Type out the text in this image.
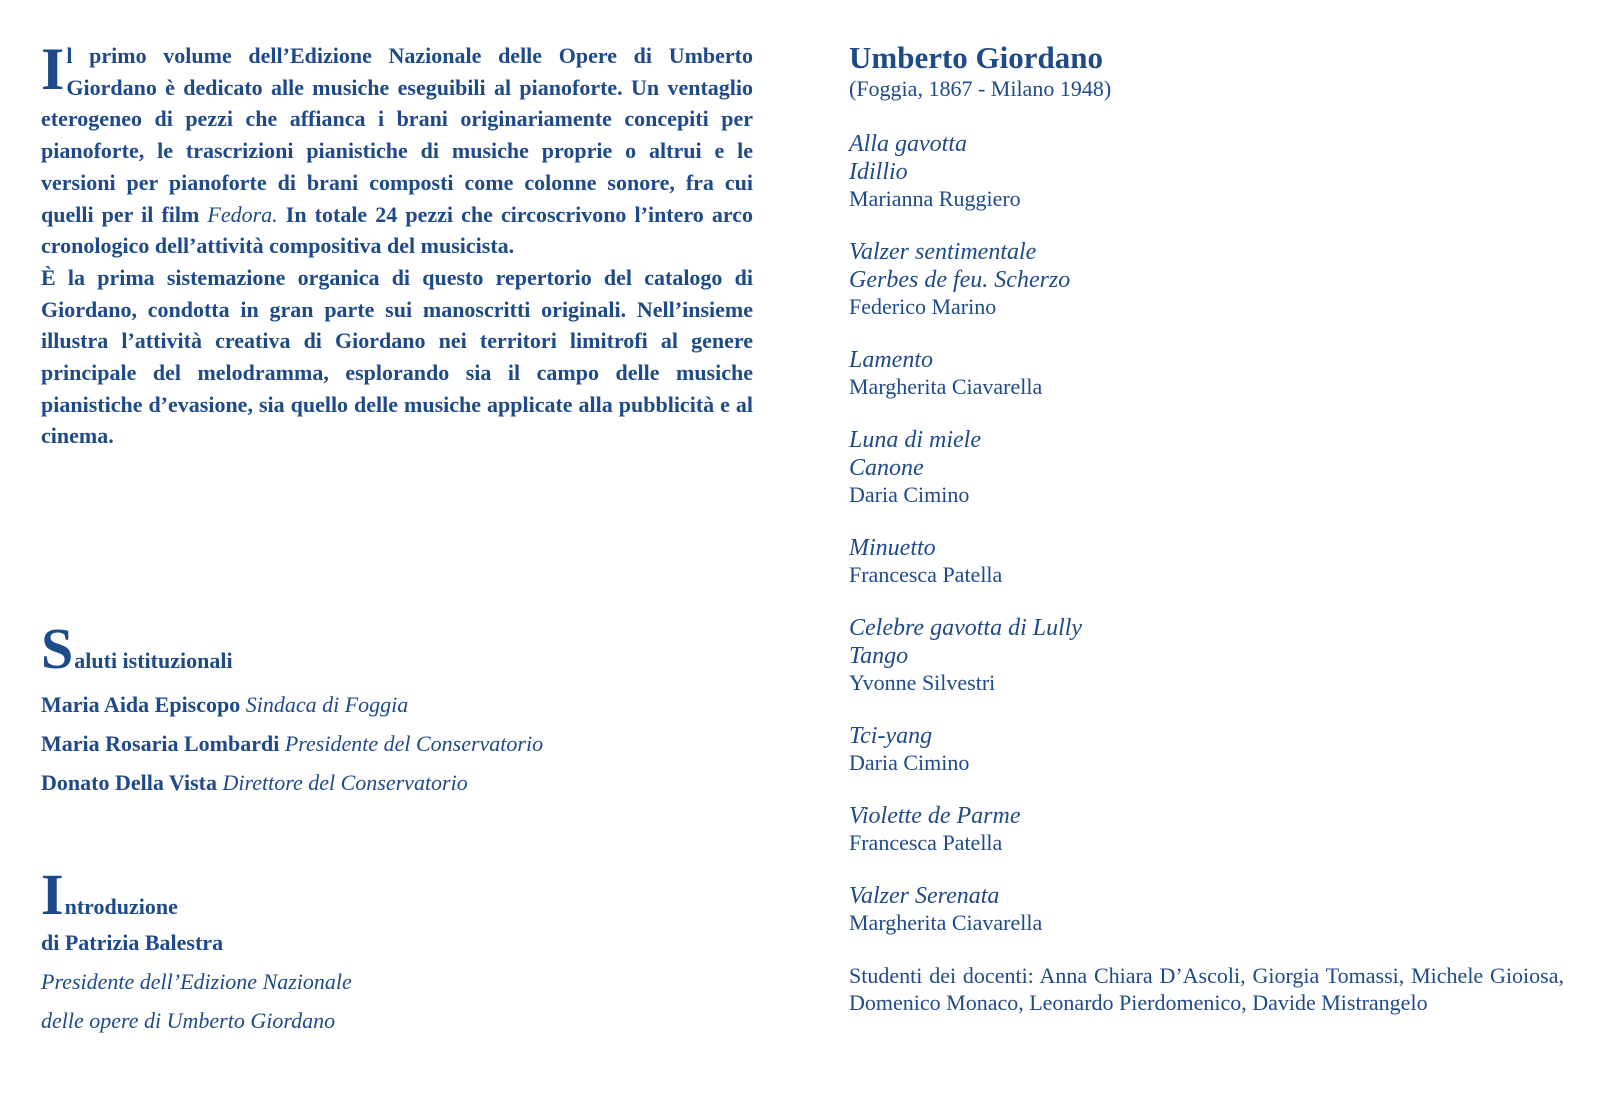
Il primo volume dell’Edizione Nazionale delle Opere di Umberto Giordano è dedicato alle musiche eseguibili al pianoforte. Un ventaglio eterogeneo di pezzi che affianca i brani originariamente concepiti per pianoforte, le trascrizioni pianistiche di musiche proprie o altrui e le versioni per pianoforte di brani composti come colonne sonore, fra cui quelli per il film Fedora. In totale 24 pezzi che circoscrivono l’intero arco cronologico dell’attività compositiva del musicista.
È la prima sistemazione organica di questo repertorio del catalogo di Giordano, condotta in gran parte sui manoscritti originali. Nell’insieme illustra l’attività creativa di Giordano nei territori limitrofi al genere principale del melodramma, esplorando sia il campo delle musiche pianistiche d’evasione, sia quello delle musiche applicate alla pubblicità e al cinema.

Saluti istituzionali
Maria Aida Episcopo Sindaca di Foggia
Maria Rosaria Lombardi Presidente del Conservatorio
Donato Della Vista Direttore del Conservatorio
Introduzione
di Patrizia Balestra
Presidente dell’Edizione Nazionale
delle opere di Umberto Giordano
Umberto Giordano

(Foggia, 1867 - Milano 1948)

Alla gavotta
Idillio
Marianna Ruggiero
Valzer sentimentale
Gerbes de feu. Scherzo
Federico Marino
Lamento
Margherita Ciavarella
Luna di miele
Canone
Daria Cimino
Minuetto
Francesca Patella
Celebre gavotta di Lully
Tango
Yvonne Silvestri
Tci-yang
Daria Cimino
Violette de Parme
Francesca Patella
Valzer Serenata
Margherita Ciavarella
Studenti dei docenti: Anna Chiara D’Ascoli, Giorgia Tomassi, Michele Gioiosa, Domenico Monaco, Leonardo Pierdomenico, Davide Mistrangelo
